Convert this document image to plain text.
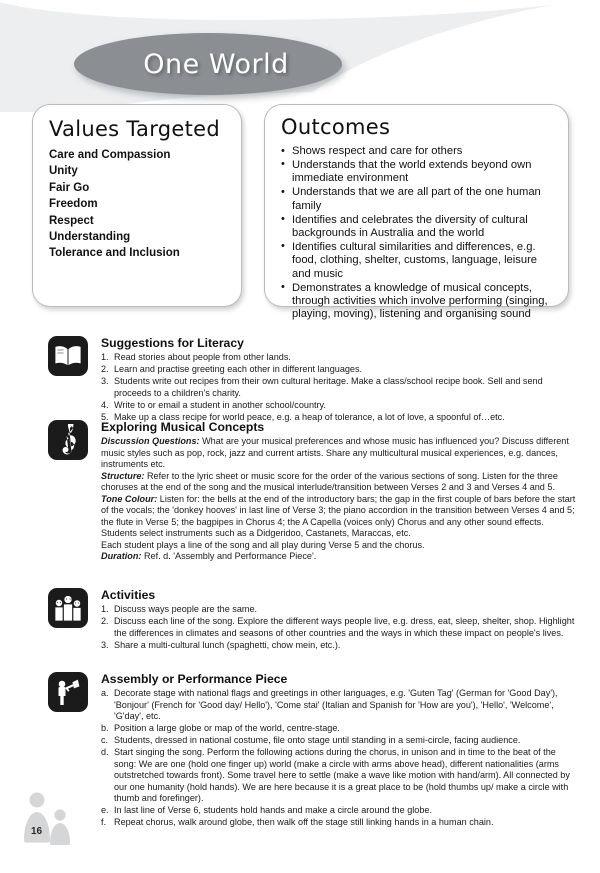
One World
Values Targeted
Care and Compassion
Unity
Fair Go
Freedom
Respect
Understanding
Tolerance and Inclusion
Outcomes
• Shows respect and care for others
• Understands that the world extends beyond own immediate environment
• Understands that we are all part of the one human family
• Identifies and celebrates the diversity of cultural backgrounds in Australia and the world
• Identifies cultural similarities and differences, e.g. food, clothing, shelter, customs, language, leisure and music
• Demonstrates a knowledge of musical concepts, through activities which involve performing (singing, playing, moving), listening and organising sound
Suggestions for Literacy
1. Read stories about people from other lands.
2. Learn and practise greeting each other in different languages.
3. Students write out recipes from their own cultural heritage. Make a class/school recipe book. Sell and send proceeds to a children's charity.
4. Write to or email a student in another school/country.
5. Make up a class recipe for world peace, e.g. a heap of tolerance, a lot of love, a spoonful of…etc.
Exploring Musical Concepts

Discussion Questions: What are your musical preferences and whose music has influenced you? Discuss different music styles such as pop, rock, jazz and current artists. Share any multicultural musical experiences, e.g. dances, instruments etc.

Structure: Refer to the lyric sheet or music score for the order of the various sections of song. Listen for the three choruses at the end of the song and the musical interlude/transition between Verses 2 and 3 and Verses 4 and 5.

Tone Colour: Listen for: the bells at the end of the introductory bars; the gap in the first couple of bars before the start of the vocals; the 'donkey hooves' in last line of Verse 3; the piano accordion in the transition between Verses 4 and 5; the flute in Verse 5; the bagpipes in Chorus 4; the A Capella (voices only) Chorus and any other sound effects.

Students select instruments such as a Didgeridoo, Castanets, Maraccas, etc.

Each student plays a line of the song and all play during Verse 5 and the chorus.

Duration: Ref. d. 'Assembly and Performance Piece'.

Activities
1. Discuss ways people are the same.
2. Discuss each line of the song. Explore the different ways people live, e.g. dress, eat, sleep, shelter, shop. Highlight the differences in climates and seasons of other countries and the ways in which these impact on people's lives.
3. Share a multi-cultural lunch (spaghetti, chow mein, etc.).
Assembly or Performance Piece
a. Decorate stage with national flags and greetings in other languages, e.g. 'Guten Tag' (German for 'Good Day'), 'Bonjour' (French for 'Good day/ Hello'), 'Come stai' (Italian and Spanish for 'How are you'), 'Hello', 'Welcome', 'G'day', etc.
b. Position a large globe or map of the world, centre-stage.
c. Students, dressed in national costume, file onto stage until standing in a semi-circle, facing audience.
d. Start singing the song. Perform the following actions during the chorus, in unison and in time to the beat of the song: We are one (hold one finger up) world (make a circle with arms above head), different nationalities (arms outstretched towards front). Some travel here to settle (make a wave like motion with hand/arm). All connected by our one humanity (hold hands). We are here because it is a great place to be (hold thumbs up/ make a circle with thumb and forefinger).
e. In last line of Verse 6, students hold hands and make a circle around the globe.
f. Repeat chorus, walk around globe, then walk off the stage still linking hands in a human chain.
16
